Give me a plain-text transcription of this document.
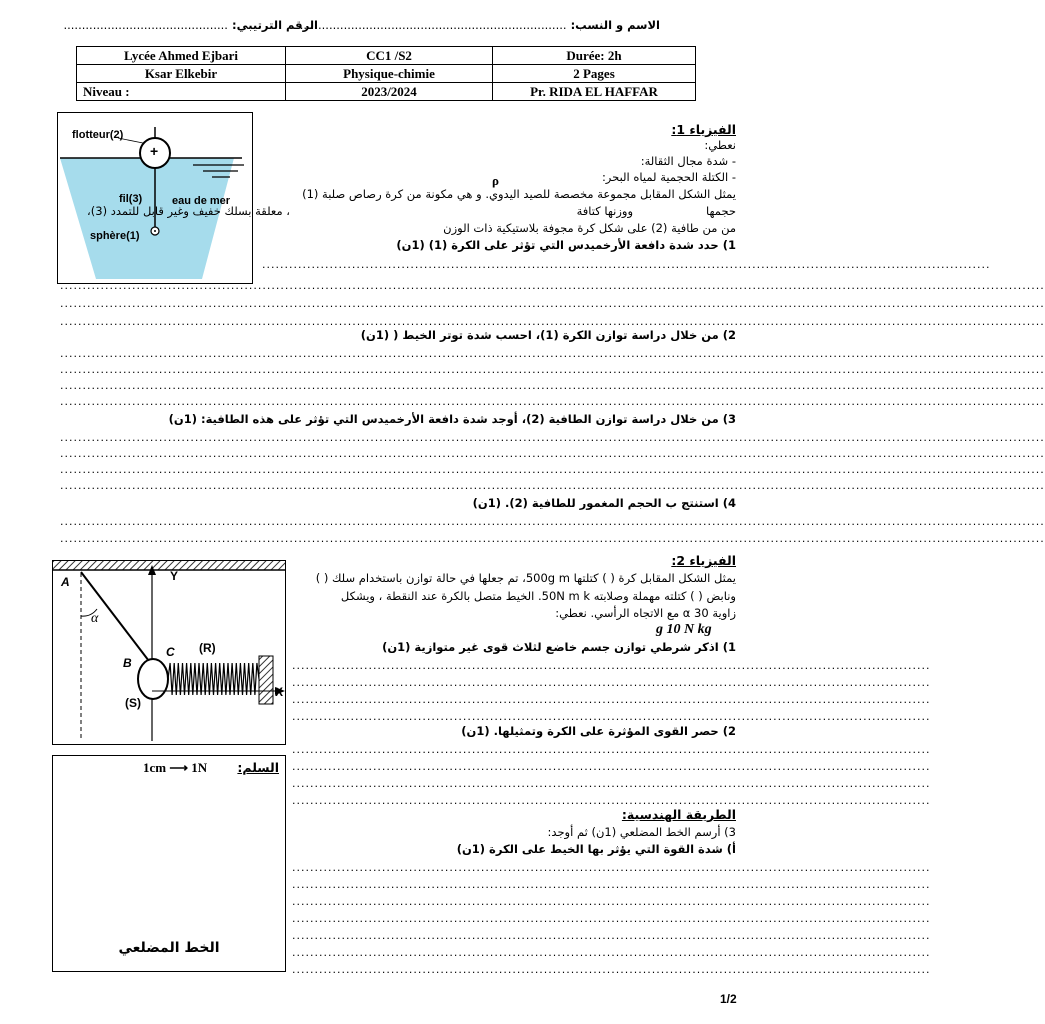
الاسم و النسب: ...........................................................................
الرقم الترتيبي: .............................................
Lycée Ahmed Ejbari	CC1 /S2	Durée: 2h
Ksar Elkebir	Physique-chimie	2 Pages
Niveau :	2023/2024	Pr. RIDA EL HAFFAR
flotteur(2)
+
fil(3)	eau de mer
sphère(1)
الفيزياء 1:
نعطي:
- شدة مجال الثقالة:
- الكتلة الحجمية لمياه البحر:
ρ
يمثل الشكل المقابل مجموعة مخصصة للصيد اليدوي. و هي مكونة من كرة رصاص صلبة (1)
حجمها
ووزنها كتافة
، معلقة بسلك خفيف وغير قابل للتمدد (3)،
من من طافية (2) على شكل كرة مجوفة بلاستيكية ذات الوزن
1) حدد شدة دافعة الأرخميدس التي تؤثر على الكرة (1) (1ن)
..................................................................................................................................................................
...........................................................................................................................................................................................................................
...........................................................................................................................................................................................................................
...........................................................................................................................................................................................................................
2) من خلال دراسة توازن الكرة (1)، احسب شدة توتر الخيط ( (1ن)
...........................................................................................................................................................................................................................
...........................................................................................................................................................................................................................
...........................................................................................................................................................................................................................
...........................................................................................................................................................................................................................
3) من خلال دراسة توازن الطافية (2)، أوجد شدة دافعة الأرخميدس التي تؤثر على هذه الطافية: (1ن)
...........................................................................................................................................................................................................................
...........................................................................................................................................................................................................................
...........................................................................................................................................................................................................................
...........................................................................................................................................................................................................................
4) استنتج ب الحجم المغمور للطافية (2). (1ن)
...........................................................................................................................................................................................................................
...........................................................................................................................................................................................................................
A	Y
α
B
C (R)
(S)
X
الفيزياء 2:
يمثل الشكل المقابل كرة ( ) كتلتها 500g m، تم جعلها في حالة توازن باستخدام سلك ( )
ونابض ( ) كتلته مهملة وصلابته 50N m k. الخيط متصل بالكرة عند النقطة ، ويشكل
زاوية 30 α مع الاتجاه الرأسي. نعطي:
g 10 N kg
1) اذكر شرطي توازن جسم خاضع لثلاث قوى غير متوازية (1ن)
..............................................................................................................................................
..............................................................................................................................................
..............................................................................................................................................
..............................................................................................................................................
2) حصر القوى المؤثرة على الكرة وتمثيلها. (1ن)
..............................................................................................................................................
..............................................................................................................................................
..............................................................................................................................................
..............................................................................................................................................
الطريقة الهندسية:
3) أرسم الخط المضلعي (1ن) ثم أوجد:
أ) شدة القوة التي يؤثر بها الخيط على الكرة (1ن)
..............................................................................................................................................
..............................................................................................................................................
..............................................................................................................................................
..............................................................................................................................................
..............................................................................................................................................
..............................................................................................................................................
..............................................................................................................................................
السلم:
1cm ⟶ 1N
الخط المضلعي
1/2
